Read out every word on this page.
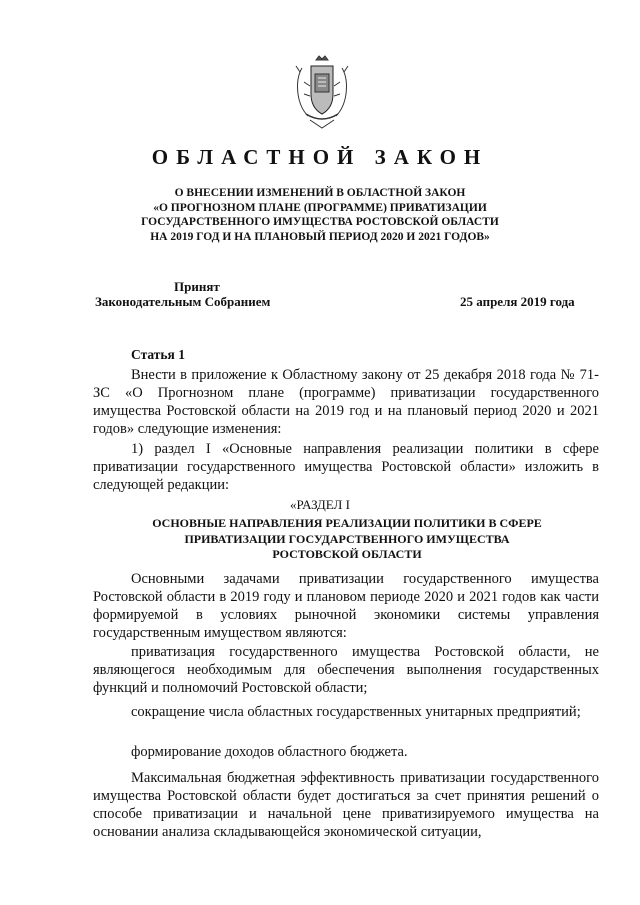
ОБЛАСТНОЙ ЗАКОН
О ВНЕСЕНИИ ИЗМЕНЕНИЙ В ОБЛАСТНОЙ ЗАКОН
«О ПРОГНОЗНОМ ПЛАНЕ (ПРОГРАММЕ) ПРИВАТИЗАЦИИ
ГОСУДАРСТВЕННОГО ИМУЩЕСТВА РОСТОВСКОЙ ОБЛАСТИ
НА 2019 ГОД И НА ПЛАНОВЫЙ ПЕРИОД 2020 И 2021 ГОДОВ»
Принят
Законодательным Собранием	25 апреля 2019 года
Статья 1

Внести в приложение к Областному закону от 25 декабря 2018 года № 71-ЗС «О Прогнозном плане (программе) приватизации государственного имущества Ростовской области на 2019 год и на плановый период 2020 и 2021 годов» следующие изменения:

1) раздел I «Основные направления реализации политики в сфере приватизации государственного имущества Ростовской области» изложить в следующей редакции:

«РАЗДЕЛ I
ОСНОВНЫЕ НАПРАВЛЕНИЯ РЕАЛИЗАЦИИ ПОЛИТИКИ В СФЕРЕ
ПРИВАТИЗАЦИИ ГОСУДАРСТВЕННОГО ИМУЩЕСТВА
РОСТОВСКОЙ ОБЛАСТИ

Основными задачами приватизации государственного имущества Ростовской области в 2019 году и плановом периоде 2020 и 2021 годов как части формируемой в условиях рыночной экономики системы управления государственным имуществом являются:

приватизация государственного имущества Ростовской области, не являющегося необходимым для обеспечения выполнения государственных функций и полномочий Ростовской области;

сокращение числа областных государственных унитарных предприятий;

формирование доходов областного бюджета.

Максимальная бюджетная эффективность приватизации государственного имущества Ростовской области будет достигаться за счет принятия решений о способе приватизации и начальной цене приватизируемого имущества на основании анализа складывающейся экономической ситуации,
